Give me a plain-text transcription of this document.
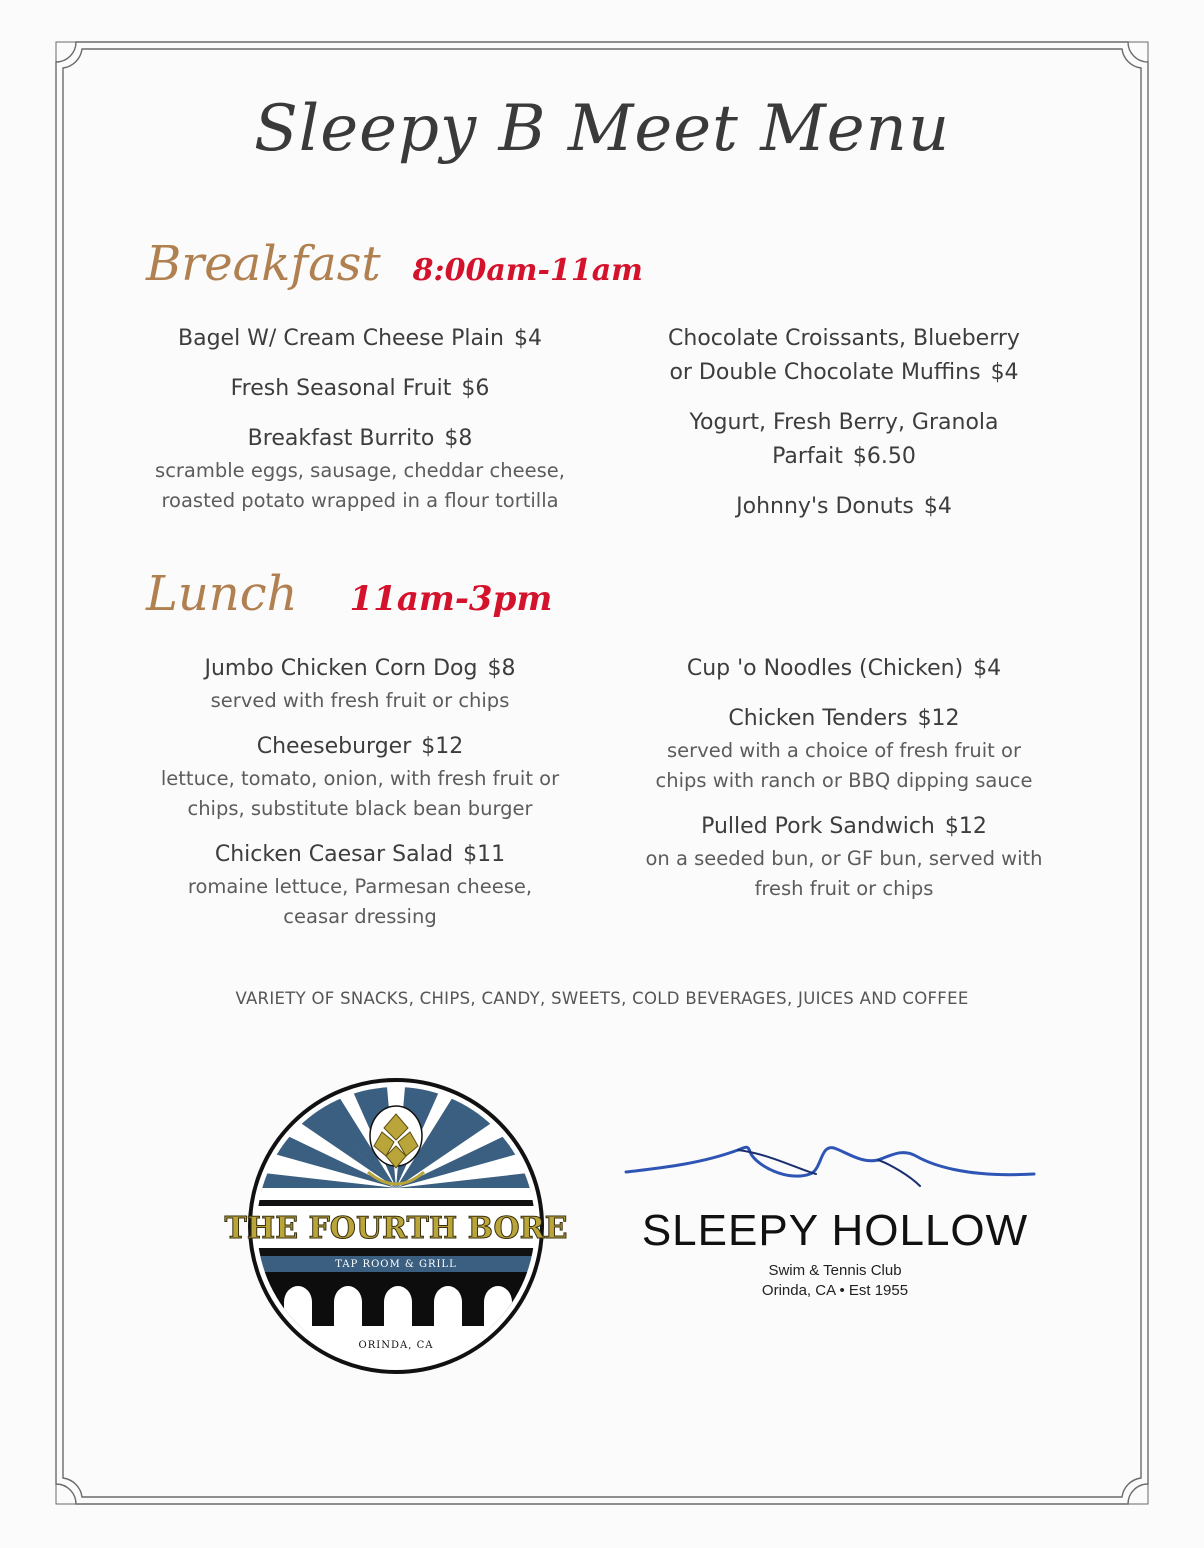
Sleepy B Meet Menu
Breakfast 8:00am-11am
Bagel W/ Cream Cheese Plain $4
Fresh Seasonal Fruit $6
Breakfast Burrito $8
scramble eggs, sausage, cheddar cheese,
roasted potato wrapped in a flour tortilla
Chocolate Croissants, Blueberry
or Double Chocolate Muffins $4
Yogurt, Fresh Berry, Granola
Parfait $6.50
Johnny's Donuts $4
Lunch 11am-3pm
Jumbo Chicken Corn Dog $8
served with fresh fruit or chips
Cheeseburger $12
lettuce, tomato, onion, with fresh fruit or
chips, substitute black bean burger
Chicken Caesar Salad $11
romaine lettuce, Parmesan cheese,
ceasar dressing
Cup 'o Noodles (Chicken) $4
Chicken Tenders $12
served with a choice of fresh fruit or
chips with ranch or BBQ dipping sauce
Pulled Pork Sandwich $12
on a seeded bun, or GF bun, served with
fresh fruit or chips
VARIETY OF SNACKS, CHIPS, CANDY, SWEETS, COLD BEVERAGES, JUICES AND COFFEE
THE FOURTH BORE
TAP ROOM & GRILL
ORINDA, CA
SLEEPY HOLLOW
Swim & Tennis Club
Orinda, CA • Est 1955
